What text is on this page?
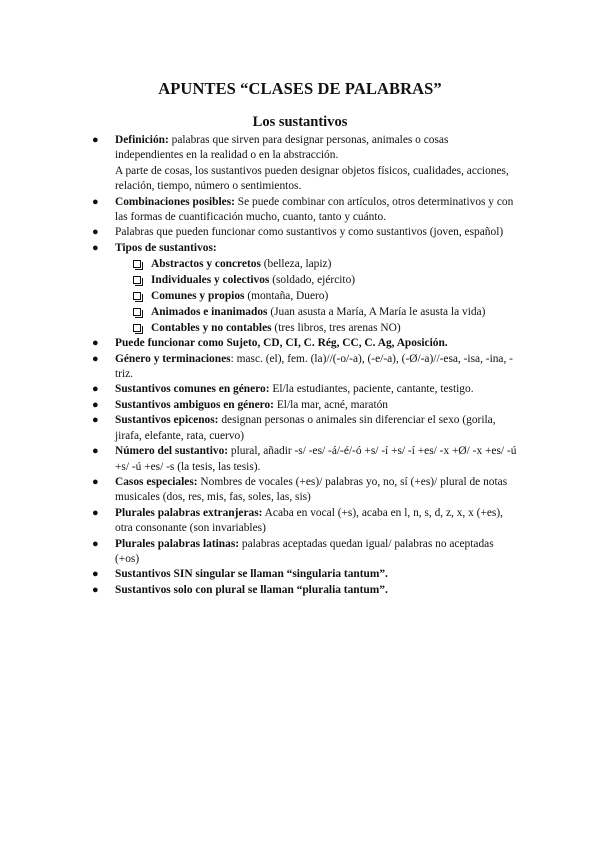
APUNTES “CLASES DE PALABRAS”
Los sustantivos
● Definición: palabras que sirven para designar personas, animales o cosas independientes en la realidad o en la abstracción.
A parte de cosas, los sustantivos pueden designar objetos físicos, cualidades, acciones, relación, tiempo, número o sentimientos.
● Combinaciones posibles: Se puede combinar con artículos, otros determinativos y con las formas de cuantificación mucho, cuanto, tanto y cuánto.
● Palabras que pueden funcionar como sustantivos y como sustantivos (joven, español)
● Tipos de sustantivos:
Abstractos y concretos (belleza, lapiz)
Individuales y colectivos (soldado, ejército)
Comunes y propios (montaña, Duero)
Animados e inanimados (Juan asusta a María, A María le asusta la vida)
Contables y no contables (tres libros, tres arenas NO)
● Puede funcionar como Sujeto, CD, CI, C. Rég, CC, C. Ag, Aposición.
● Género y terminaciones: masc. (el), fem. (la)//(-o/-a), (-e/-a), (-Ø/-a)//-esa, -isa, -ina, -triz.
● Sustantivos comunes en género: El/la estudiantes, paciente, cantante, testigo.
● Sustantivos ambiguos en género: El/la mar, acné, maratón
● Sustantivos epicenos: designan personas o animales sin diferenciar el sexo (gorila, jirafa, elefante, rata, cuervo)
● Número del sustantivo: plural, añadir -s/ -es/ -á/-é/-ó +s/ -í +s/ -í +es/ -x +Ø/ -x +es/ -ú +s/ -ú +es/ -s (la tesis, las tesis).
● Casos especiales: Nombres de vocales (+es)/ palabras yo, no, sí (+es)/ plural de notas musicales (dos, res, mis, fas, soles, las, sis)
● Plurales palabras extranjeras: Acaba en vocal (+s), acaba en l, n, s, d, z, x, x (+es), otra consonante (son invariables)
● Plurales palabras latinas: palabras aceptadas quedan igual/ palabras no aceptadas (+os)
● Sustantivos SIN singular se llaman “singularia tantum”.
● Sustantivos solo con plural se llaman “pluralia tantum”.
